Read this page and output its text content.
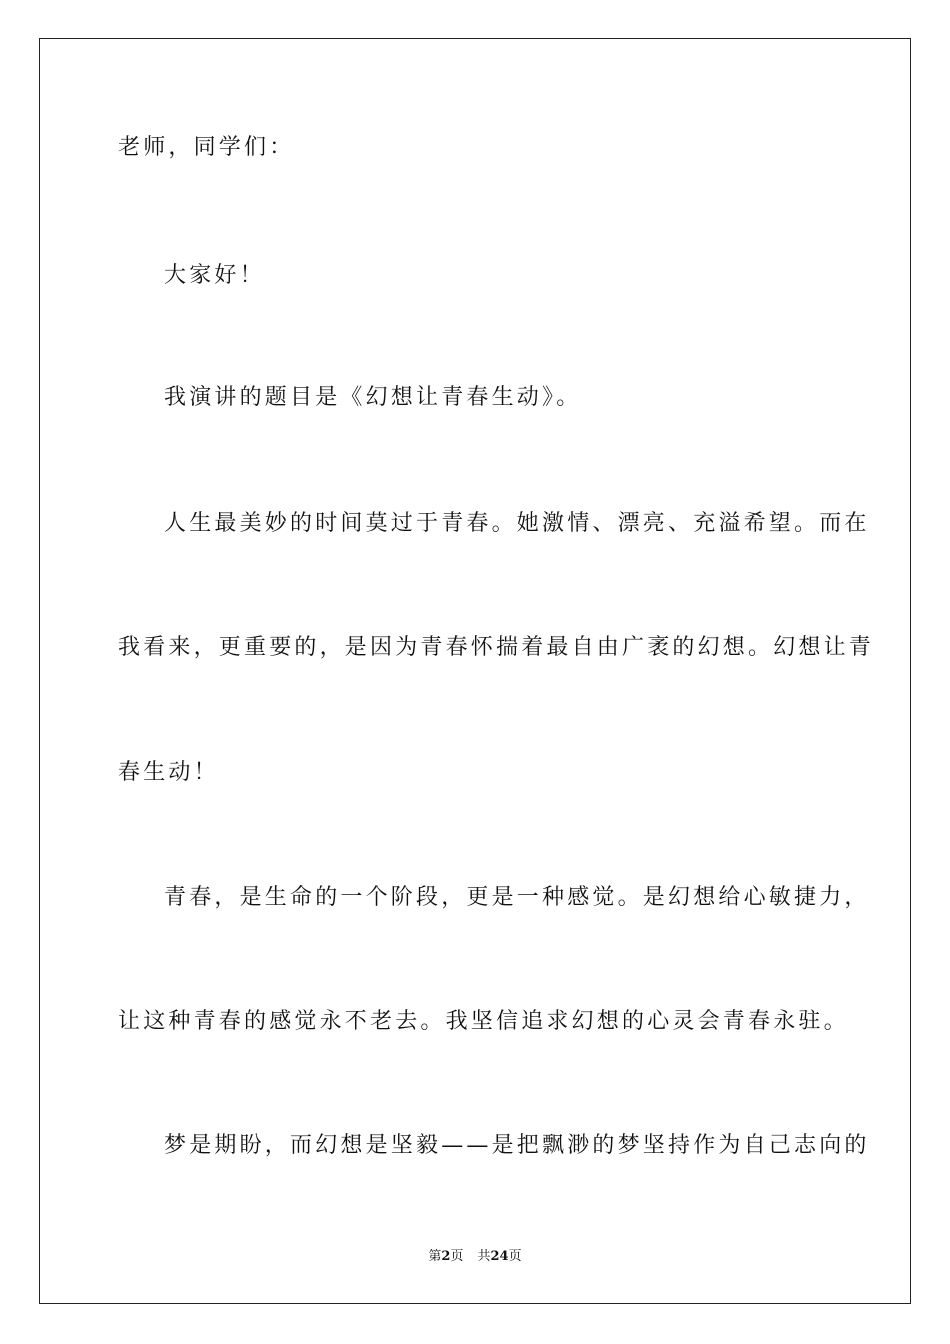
老师，同学们：
大家好！
我演讲的题目是《幻想让青春生动》。
人生最美妙的时间莫过于青春。她激情、漂亮、充溢希望。而在
我看来，更重要的，是因为青春怀揣着最自由广袤的幻想。幻想让青
春生动！
青春，是生命的一个阶段，更是一种感觉。是幻想给心敏捷力，
让这种青春的感觉永不老去。我坚信追求幻想的心灵会青春永驻。
梦是期盼，而幻想是坚毅——是把飘渺的梦坚持作为自己志向的
第2页 共24页
